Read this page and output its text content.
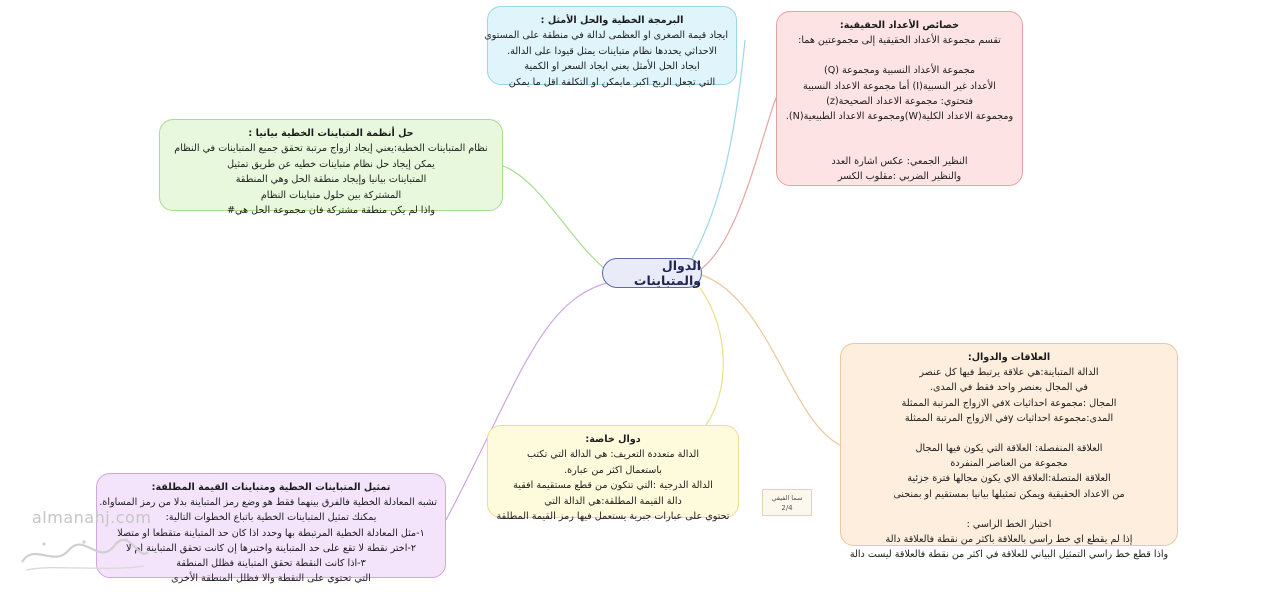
الدوال والمتباينات
البرمجة الخطية والحل الأمثل :
ايجاد قيمة الصغرى او العظمى لدالة في منطقة على المستوى
الاحداثي يحددها نظام متباينات يمثل قيودا على الدالة.
ايجاد الحل الأمثل يعني ايجاد السعر او الكمية
التي تجعل الربح اكبر مايمكن او التكلفة اقل ما يمكن
خصائص الأعداد الحقيقية:
تقسم مجموعة الأعداد الحقيقية إلى مجموعتين هما:
مجموعة الأعداد النسبية ومجموعة (Q)
الأعداد غير النسبية(I) أما مجموعة الاعداد النسبية
فتحتوي: مجموعة الاعداد الصحيحة(z)
ومجموعة الاعداد الكلية(W)ومجموعة الاعداد الطبيعية(N).
النظير الجمعي: عكس اشارة العدد
والنظير الضربي :مقلوب الكسر
حل أنظمة المتباينات الخطية بيانيا :
نظام المتباينات الخطية:يعني إيجاد ازواج مرتبة تحقق جميع المتباينات في النظام
يمكن إيجاد حل نظام متباينات خطيه عن طريق تمثيل
المتباينات بيانيا وإيجاد منطقة الحل وهي المنطقة
المشتركة بين حلول متباينات النظام
واذا لم يكن منطقة مشتركة فان مجموعة الحل هي#
العلاقات والدوال:
الدالة المتباينة:هي علاقة يرتبط فيها كل عنصر
في المجال بعنصر واحد فقط في المدى.
المجال :مجموعة احداثيات xفي الازواج المرتبة الممثلة
المدى:مجموعة احداثيات yفي الازواج المرتبة الممثلة
العلاقة المنفصلة: العلاقة التي يكون فيها المجال
مجموعة من العناصر المنفردة
العلاقة المتصلة:العلاقة الاي يكون مجالها فترة جزئية
من الاعداد الحقيقية ويمكن تمثيلها بيانيا بمستقيم او بمنحنى
اختبار الخط الراسي :
إذا لم يقطع اي خط راسي بالعلاقة باكثر من نقطة فالعلاقة دالة
واذا قطع خط راسي التمثيل البياني للعلاقة في اكثر من نقطة فالعلاقة ليست دالة
دوال خاصة:
الدالة متعددة التعريف: هي الدالة التي تكتب
باستعمال اكثر من عبارة.
الدالة الدرجية :التي تتكون من قطع مستقيمة افقية
دالة القيمة المطلقة:هي الدالة التي
تحتوي على عبارات جبرية يستعمل فيها رمز القيمة المطلقة
تمثيل المتباينات الخطية ومتباينات القيمة المطلقة:
تشبه المعادلة الخطية فالفرق بينهما فقط هو وضع رمز المتباينة بدلا من رمز المساواة.
يمكنك تمثيل المتباينات الخطية باتباع الخطوات التالية:
١-مثل المعادلة الخطية المرتبطة بها وحدد اذا كان حد المتباينة متقطعا او متصلا
٢-اختر نقطة لا تقع على حد المتباينة واختبرها إن كانت تحقق المتباينة ام لا
٣-اذا كانت النقطة تحقق المتباينة فظلل المنطقة
التي تحتوي على النقطة والا فظلل المنطقة الأخرى
سما الفيفي
2/4
almanahj.com
